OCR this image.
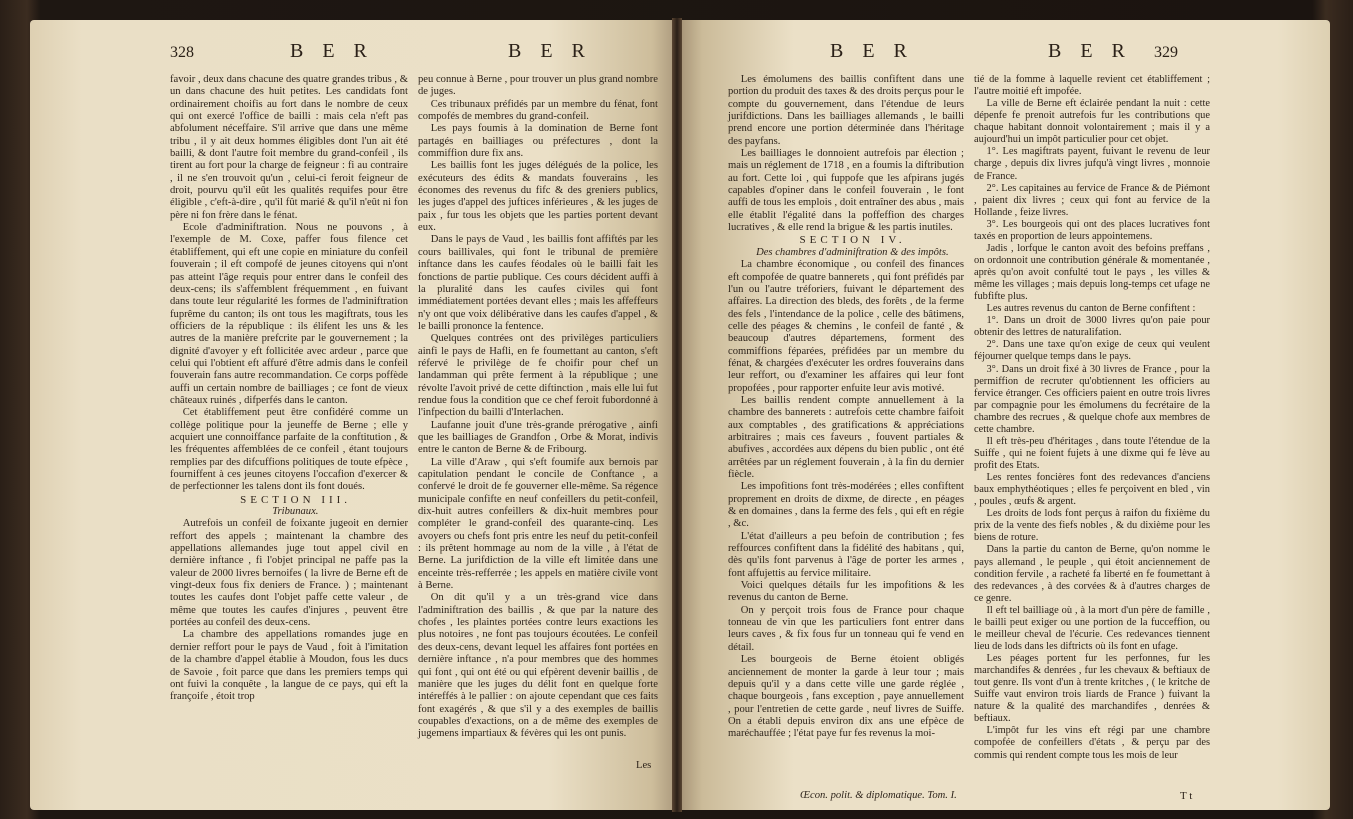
328	B E R	B E R	B E R	B E R 329

favoir , deux dans chacune des quatre grandes tribus , & un dans chacune des huit petites. Les candidats font ordinairement choifis au fort dans le nombre de ceux qui ont exercé l'office de bailli : mais cela n'eft pas abfolument néceffaire. S'il arrive que dans une même tribu , il y ait deux hommes éligibles dont l'un ait été bailli, & dont l'autre foit membre du grand-confeil , ils tirent au fort pour la charge de feigneur : fi au contraire , il ne s'en trouvoit qu'un , celui-ci feroit feigneur de droit, pourvu qu'il eût les qualités requifes pour être éligible , c'eft-à-dire , qu'il fût marié & qu'il n'eût ni fon père ni fon frère dans le fénat.

Ecole d'adminiftration. Nous ne pouvons , à l'exemple de M. Coxe, paffer fous filence cet établiffement, qui eft une copie en miniature du confeil fouverain ; il eft compofé de jeunes citoyens qui n'ont pas atteint l'âge requis pour entrer dans le confeil des deux-cens; ils s'affemblent fréquemment , en fuivant dans toute leur régularité les formes de l'adminiftration fuprême du canton; ils ont tous les magiftrats, tous les officiers de la république : ils élifent les uns & les autres de la manière prefcrite par le gouvernement ; la dignité d'avoyer y eft follicitée avec ardeur , parce que celui qui l'obtient eft affuré d'être admis dans le confeil fouverain fans autre recommandation. Ce corps poffède auffi un certain nombre de bailliages ; ce font de vieux châteaux ruinés , difperfés dans le canton.

Cet établiffement peut être confidéré comme un collège politique pour la jeuneffe de Berne ; elle y acquiert une connoiffance parfaite de la conftitution , & les fréquentes affemblées de ce confeil , étant toujours remplies par des difcuffions politiques de toute efpèce , fourniffent à ces jeunes citoyens l'occafion d'exercer & de perfectionner les talens dont ils font doués.

SECTION III.

Tribunaux.

Autrefois un confeil de foixante jugeoit en dernier reffort des appels ; maintenant la chambre des appellations allemandes juge tout appel civil en dernière inftance , fi l'objet principal ne paffe pas la valeur de 2000 livres bernoifes ( la livre de Berne eft de vingt-deux fous fix deniers de France. ) ; maintenant toutes les caufes dont l'objet paffe cette valeur , de même que toutes les caufes d'injures , peuvent être portées au confeil des deux-cens.

La chambre des appellations romandes juge en dernier reffort pour le pays de Vaud , foit à l'imitation de la chambre d'appel établie à Moudon, fous les ducs de Savoie , foit parce que dans les premiers temps qui ont fuivi la conquête , la langue de ce pays, qui eft la françoife , étoit trop

peu connue à Berne , pour trouver un plus grand nombre de juges.

Ces tribunaux préfidés par un membre du fénat, font compofés de membres du grand-confeil.

Les pays foumis à la domination de Berne font partagés en bailliages ou préfectures , dont la commiffion dure fix ans.

Les baillis font les juges délégués de la police, les exécuteurs des édits & mandats fouverains , les économes des revenus du fifc & des greniers publics, les juges d'appel des juftices inférieures , & les juges de paix , fur tous les objets que les parties portent devant eux.

Dans le pays de Vaud , les baillis font affiftés par les cours baillivales, qui font le tribunal de première inftance dans les caufes féodales où le bailli fait les fonctions de partie publique. Ces cours décident auffi à la pluralité dans les caufes civiles qui font immédiatement portées devant elles ; mais les affeffeurs n'y ont que voix délibérative dans les caufes d'appel , & le bailli prononce la fentence.

Quelques contrées ont des privilèges particuliers ainfi le pays de Hafli, en fe foumettant au canton, s'eft réfervé le privilège de fe choifir pour chef un landamman qui prête ferment à la république ; une révolte l'avoit privé de cette diftinction , mais elle lui fut rendue fous la condition que ce chef feroit fubordonné à l'infpection du bailli d'Interlachen.

Laufanne jouit d'une très-grande prérogative , ainfi que les bailliages de Grandfon , Orbe & Morat, indivis entre le canton de Berne & de Fribourg.

La ville d'Araw , qui s'eft foumife aux bernois par capitulation pendant le concile de Conftance , a confervé le droit de fe gouverner elle-même. Sa régence municipale confifte en neuf confeillers du petit-confeil, dix-huit autres confeillers & dix-huit membres pour compléter le grand-confeil des quarante-cinq. Les avoyers ou chefs font pris entre les neuf du petit-confeil : ils prêtent hommage au nom de la ville , à l'état de Berne. La jurifdiction de la ville eft limitée dans une enceinte très-refferrée ; les appels en matière civile vont à Berne.

On dit qu'il y a un très-grand vice dans l'adminiftration des baillis , & que par la nature des chofes , les plaintes portées contre leurs exactions les plus notoires , ne font pas toujours écoutées. Le confeil des deux-cens, devant lequel les affaires font portées en dernière inftance , n'a pour membres que des hommes qui font , qui ont été ou qui efpèrent devenir baillis , de manière que les juges du délit font en quelque forte intéreffés à le pallier : on ajoute cependant que ces faits font exagérés , & que s'il y a des exemples de baillis coupables d'exactions, on a de même des exemples de jugemens impartiaux & févères qui les ont punis.

Les

Les émolumens des baillis confiftent dans une portion du produit des taxes & des droits perçus pour le compte du gouvernement, dans l'étendue de leurs jurifdictions. Dans les bailliages allemands , le bailli prend encore une portion déterminée dans l'héritage des payfans.

Les bailliages le donnoient autrefois par élection ; mais un réglement de 1718 , en a foumis la diftribution au fort. Cette loi , qui fuppofe que les afpirans jugés capables d'opiner dans le confeil fouverain , le font auffi de tous les emplois , doit entraîner des abus , mais elle établit l'égalité dans la poffeffion des charges lucratives , & elle rend la brigue & les partis inutiles.

SECTION IV.

Des chambres d'adminiftration & des impôts.

La chambre économique , ou confeil des finances eft compofée de quatre bannerets , qui font préfidés par l'un ou l'autre tréforiers, fuivant le département des affaires. La direction des bleds, des forêts , de la ferme des fels , l'intendance de la police , celle des bâtimens, celle des péages & chemins , le confeil de fanté , & beaucoup d'autres départemens, forment des commiffions féparées, préfidées par un membre du fénat, & chargées d'exécuter les ordres fouverains dans leur reffort, ou d'examiner les affaires qui leur font propofées , pour rapporter enfuite leur avis motivé.

Les baillis rendent compte annuellement à la chambre des bannerets : autrefois cette chambre faifoit aux comptables , des gratifications & appréciations arbitraires ; mais ces faveurs , fouvent partiales & abufives , accordées aux dépens du bien public , ont été arrêtées par un réglement fouverain , à la fin du dernier fiècle.

Les impofitions font très-modérées ; elles confiftent proprement en droits de dixme, de directe , en péages & en domaines , dans la ferme des fels , qui eft en régie , &c.

L'état d'ailleurs a peu befoin de contribution ; fes reffources confiftent dans la fidélité des habitans , qui, dès qu'ils font parvenus à l'âge de porter les armes , font affujettis au fervice militaire.

Voici quelques détails fur les impofitions & les revenus du canton de Berne.

On y perçoit trois fous de France pour chaque tonneau de vin que les particuliers font entrer dans leurs caves , & fix fous fur un tonneau qui fe vend en détail.

Les bourgeois de Berne étoient obligés anciennement de monter la garde à leur tour ; mais depuis qu'il y a dans cette ville une garde réglée , chaque bourgeois , fans exception , paye annuellement , pour l'entretien de cette garde , neuf livres de Suiffe. On a établi depuis environ dix ans une efpèce de maréchauffée ; l'état paye fur fes revenus la moi-

tié de la fomme à laquelle revient cet établiffement ; l'autre moitié eft impofée.

La ville de Berne eft éclairée pendant la nuit : cette dépenfe fe prenoit autrefois fur les contributions que chaque habitant donnoit volontairement ; mais il y a aujourd'hui un impôt particulier pour cet objet.

1°. Les magiftrats payent, fuivant le revenu de leur charge , depuis dix livres jufqu'à vingt livres , monnoie de France.

2°. Les capitaines au fervice de France & de Piémont , paient dix livres ; ceux qui font au fervice de la Hollande , feize livres.

3°. Les bourgeois qui ont des places lucratives font taxés en proportion de leurs appointemens.

Jadis , lorfque le canton avoit des befoins preffans , on ordonnoit une contribution générale & momentanée , après qu'on avoit confulté tout le pays , les villes & même les villages ; mais depuis long-temps cet ufage ne fubfifte plus.

Les autres revenus du canton de Berne confiftent :

1°. Dans un droit de 3000 livres qu'on paie pour obtenir des lettres de naturalifation.

2°. Dans une taxe qu'on exige de ceux qui veulent féjourner quelque temps dans le pays.

3°. Dans un droit fixé à 30 livres de France , pour la permiffion de recruter qu'obtiennent les officiers au fervice étranger. Ces officiers paient en outre trois livres par compagnie pour les émolumens du fecrétaire de la chambre des recrues , & quelque chofe aux membres de cette chambre.

Il eft très-peu d'héritages , dans toute l'étendue de la Suiffe , qui ne foient fujets à une dixme qui fe lève au profit des Etats.

Les rentes foncières font des redevances d'anciens baux emphythéotiques ; elles fe perçoivent en bled , vin , poules , œufs & argent.

Les droits de lods font perçus à raifon du fixième du prix de la vente des fiefs nobles , & du dixième pour les biens de roture.

Dans la partie du canton de Berne, qu'on nomme le pays allemand , le peuple , qui étoit anciennement de condition fervile , a racheté fa liberté en fe foumettant à des redevances , à des corvées & à d'autres charges de ce genre.

Il eft tel bailliage où , à la mort d'un père de famille , le bailli peut exiger ou une portion de la fucceffion, ou le meilleur cheval de l'écurie. Ces redevances tiennent lieu de lods dans les diftricts où ils font en ufage.

Les péages portent fur les perfonnes, fur les marchandifes & denrées , fur les chevaux & beftiaux de tout genre. Ils vont d'un à trente kritches , ( le kritche de Suiffe vaut environ trois liards de France ) fuivant la nature & la qualité des marchandifes , denrées & beftiaux.

L'impôt fur les vins eft régi par une chambre compofée de confeillers d'états , & perçu par des commis qui rendent compte tous les mois de leur

Œcon. polit. & diplomatique. Tom. I.	T t
